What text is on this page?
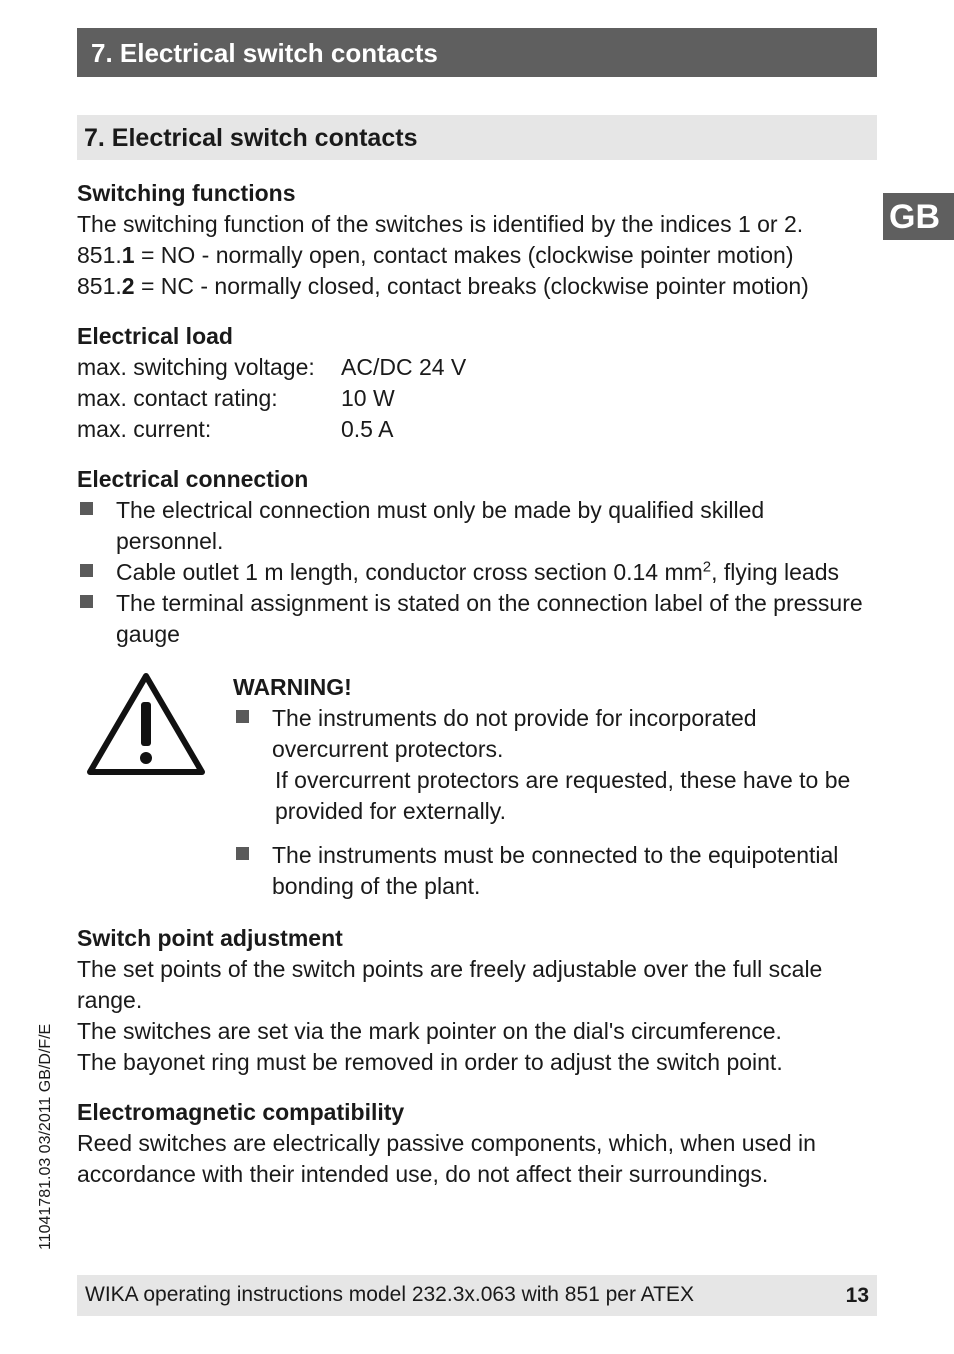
7. Electrical switch contacts
7. Electrical switch contacts
GB

Switching functions

The switching function of the switches is identified by the indices 1 or 2.

851.1 = NO - normally open, contact makes (clockwise pointer motion)

851.2 = NC - normally closed, contact breaks (clockwise pointer motion)

Electrical load

max. switching voltage:	AC/DC 24 V
max. contact rating:	10 W
max. current:	0.5 A

Electrical connection

The electrical connection must only be made by qualified skilled personnel.
Cable outlet 1 m length, conductor cross section 0.14 $mm^2$, flying leads
The terminal assignment is stated on the connection label of the pressure gauge

WARNING!

The instruments do not provide for incorporated overcurrent protectors.

If overcurrent protectors are requested, these have to be provided for externally.

The instruments must be connected to the equipotential bonding of the plant.

Switch point adjustment

The set points of the switch points are freely adjustable over the full scale range.

The switches are set via the mark pointer on the dial's circumference.

The bayonet ring must be removed in order to adjust the switch point.

Electromagnetic compatibility

Reed switches are electrically passive components, which, when used in accordance with their intended use, do not affect their surroundings.

11041781.03 03/2011 GB/D/F/E
WIKA operating instructions model 232.3x.063 with 851 per ATEX	13
